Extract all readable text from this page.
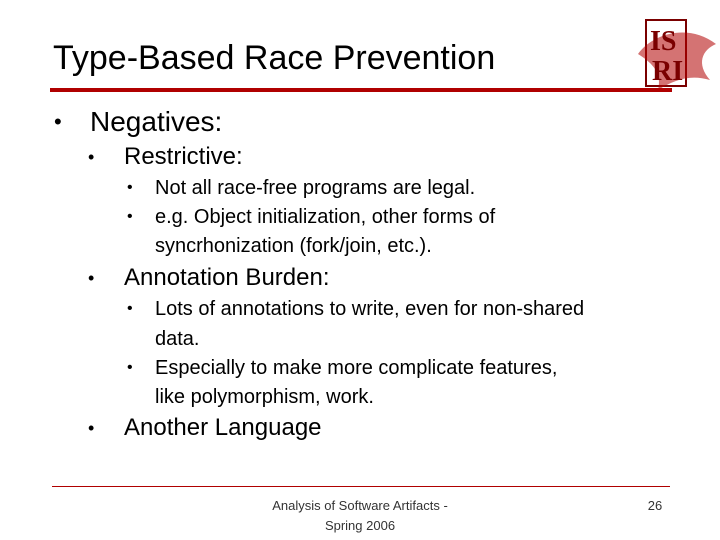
Type-Based Race Prevention	IS
RI
• Negatives:
• Restrictive:
• Not all race-free programs are legal.
• e.g. Object initialization, other forms of
syncrhonization (fork/join, etc.).
• Annotation Burden:
• Lots of annotations to write, even for non-shared
data.
• Especially to make more complicate features,
like polymorphism, work.
• Another Language
Analysis of Software Artifacts -
Spring 2006
26
